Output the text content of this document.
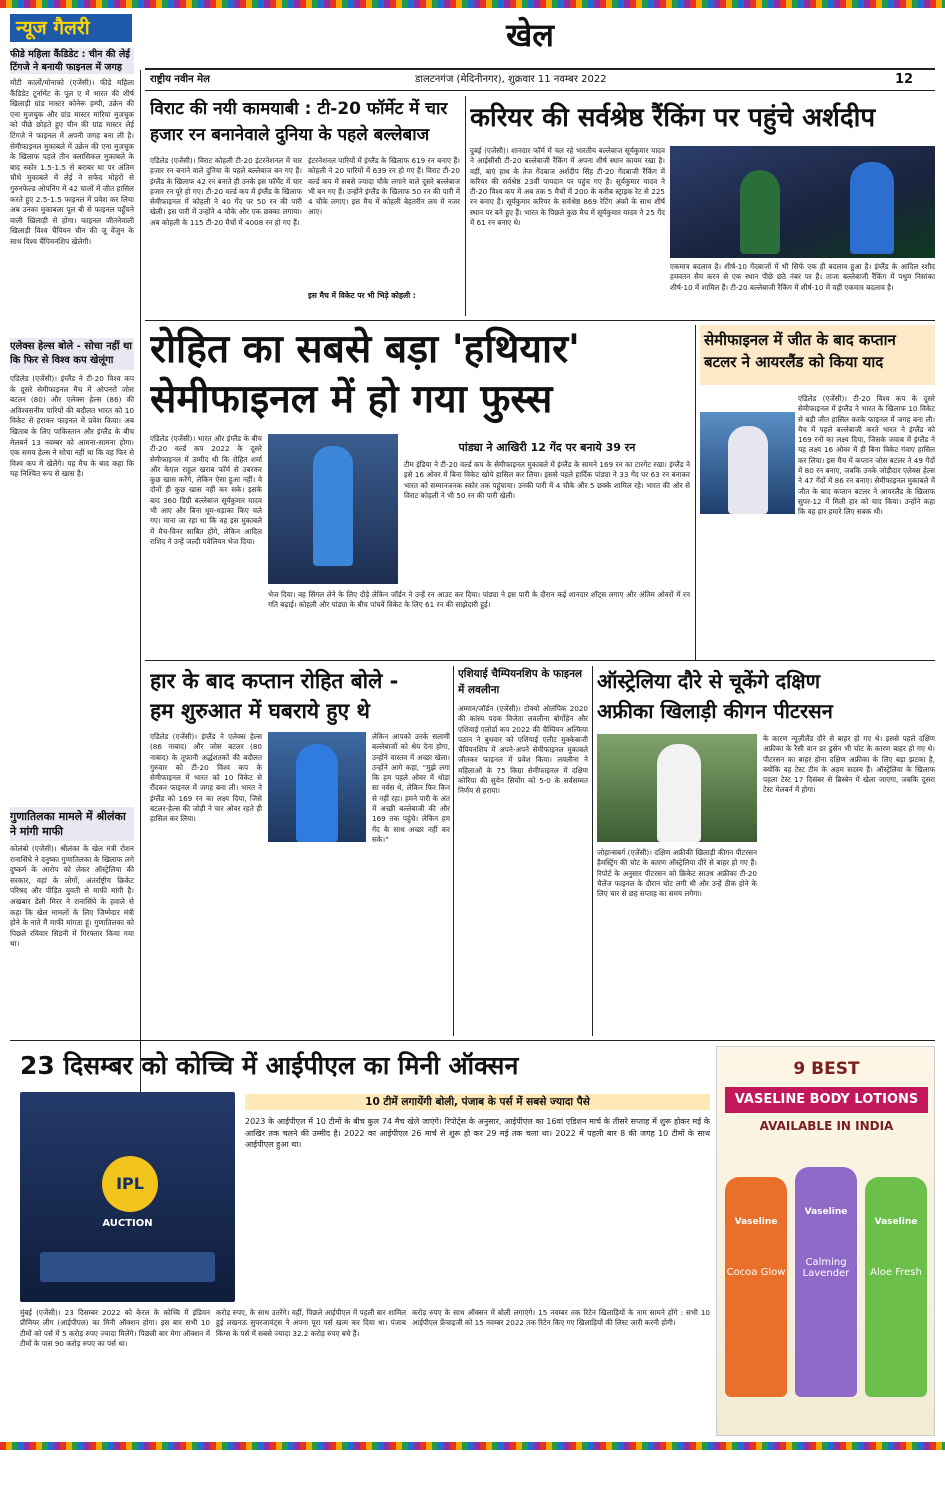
न्यूज गैलरी
फीडे महिला कैंडिडेट : चीन की लेई टिंगजे ने बनायी फाइनल में जगह
मोंटी कार्लो/मोनाको (एजेंसी)। फीडे महिला कैंडिडेट टूर्नामेंट के पूल ए में भारत की शीर्ष खिलाड़ी ग्रांड मास्टर कोनेरू हम्पी, उक्रेन की एना मुजचुक और ग्रांड मास्टर मारिया मुजचुक को पीछे छोड़ते हुए चीन की ग्रांड मास्टर लेई टिंगजे ने फाइनल में अपनी जगह बना ली है। सेमीफाइनल मुकाबले में उक्रेन की एना मुजचुक के खिलाफ पहले तीन क्लासिकल मुकाबले के बाद स्कोर 1.5-1.5 से बराबर था पर अंतिम चौथे मुकाबले में लेई ने सफेद मोहरों से गुरुनफेल्ड ओपनिंग में 42 चालों में जीत हासिल करते हुए 2.5-1.5 फाइनल में प्रवेश कर लिया अब उनका मुकाबला पूल बी से फाइनल पहुँचने वाली खिलाड़ी से होगा। फाइनल जीतनेवाली खिलाड़ी विश्व चैंपियन चीन की जू वेंजुन के साथ विश्व चैंपियनशिप खेलेगी।
एलेक्स हेल्स बोले - सोचा नहीं था कि फिर से विश्व कप खेलूंगा
एडिलेड (एजेंसी)। इंग्लैंड ने टी-20 विश्व कप के दूसरे सेमीफाइनल मैच में ओपनरों जोस बटलर (80) और एलेक्स हेल्स (86) की अविश्वसनीय पारियों की बदौलत भारत को 10 विकेट से हराकर फाइनल में प्रवेश किया। अब खिताब के लिए पाकिस्तान और इंग्लैंड के बीच मेलबर्न 13 नवम्बर को आमना-सामना होगा। एक समय हेल्स ने सोचा नहीं था कि वह फिर से विश्व कप में खेलेंगे। यह मैच के बाद कहा कि यह निश्चित रूप से खास है।
गुणातिलका मामले में श्रीलंका ने मांगी माफी
कोलंबो (एजेंसी)। श्रीलंका के खेल मंत्री रोशन रानासिंघे ने दनुष्का गुणातिलका के खिलाफ लगे दुष्कर्म के आरोप को लेकर ऑस्ट्रेलिया की सरकार, वहां के लोगों, अंतर्राष्ट्रीय क्रिकेट परिषद और पीड़ित युवती से माफी मांगी है। अखबार डेली मिरर ने रानासिंघे के हवाले से कहा कि खेल मामलों के लिए जिम्मेदार मंत्री होने के नाते मैं माफी मांगता हूं। गुणातिलका को पिछले रविवार सिडनी में गिरफ्तार किया गया था।
खेल
राष्ट्रीय नवीन मेल	डालटनगंज (मेदिनीनगर), शुक्रवार 11 नवम्बर 2022	12
विराट की नयी कामयाबी : टी-20 फॉर्मेट में चार हजार रन बनानेवाले दुनिया के पहले बल्लेबाज
एडिलेड (एजेंसी)। विराट कोहली टी-20 इंटरनेशनल में चार हजार रन बनाने वाले दुनिया के पहले बल्लेबाज बन गए हैं। इंग्लैंड के खिलाफ 42 रन बनाते ही उनके इस फॉर्मेट में चार हजार रन पूरे हो गए। टी-20 वर्ल्ड कप में इंग्लैंड के खिलाफ सेमीफाइनल में कोहली ने 40 गेंद पर 50 रन की पारी खेली। इस पारी में उन्होंने 4 चौके और एक छक्का लगाया। अब कोहली के 115 टी-20 मैचों में 4008 रन हो गए हैं।
इंटरनेशनल पारियों में इंग्लैंड के खिलाफ 619 रन बनाए हैं। कोहली ने 20 पारियों में 639 रन हो गए हैं। विराट टी-20 वर्ल्ड कप में सबसे ज्यादा चौके लगाने वाले दूसरे बल्लेबाज भी बन गए हैं। उन्होंने इंग्लैंड के खिलाफ 50 रन की पारी में 4 चौके लगाए। इस मैच में कोहली बेहतरीन लय में नजर आए।
इस मैच में विकेट पर भी भिड़े कोहली :
करियर की सर्वश्रेष्ठ रैंकिंग पर पहुंचे अर्शदीप
दुबई (एजेंसी)। शानदार फॉर्म में चल रहे भारतीय बल्लेबाज सूर्यकुमार यादव ने आईसीसी टी-20 बल्लेबाजी रैंकिंग में अपना शीर्ष स्थान कायम रखा है। वहीं, बाएं हाथ के तेज गेंदबाज अर्शदीप सिंह टी-20 गेंदबाजी रैंकिंग में करियर की सर्वश्रेष्ठ 23वीं पायदान पर पहुंच गए हैं। सूर्यकुमार यादव ने टी-20 विश्व कप में अब तक 5 मैचों में 200 के करीब स्ट्राइक रेट से 225 रन बनाए हैं। सूर्यकुमार करियर के सर्वश्रेष्ठ 869 रेटिंग अंकों के साथ शीर्ष स्थान पर बने हुए हैं। भारत के पिछले कुछ मैच में सूर्यकुमार यादव ने 25 गेंद में 61 रन बनाए थे।
एकमात्र बदलाव है। शीर्ष-10 गेंदबाजों में भी सिर्फ एक ही बदलाव हुआ है। इंग्लैंड के आदिल रशीद हमवतन सैम करन से एक स्थान पीछे छठे नंबर पर हैं। ताजा बल्लेबाजी रैंकिंग में पथुम निसांका शीर्ष-10 में शामिल हैं। टी-20 बल्लेबाजी रैंकिंग में शीर्ष-10 में वहीं एकमात्र बदलाव है।
रोहित का सबसे बड़ा 'हथियार'
सेमीफाइनल में हो गया फुस्स
एडिलेड (एजेंसी)। भारत और इंग्लैंड के बीच टी-20 वर्ल्ड कप 2022 के दूसरे सेमीफाइनल में उम्मीद थी कि रोहित शर्मा और केएल राहुल खराब फॉर्म से उबरकर कुछ खास करेंगे, लेकिन ऐसा हुआ नहीं। वे दोनों ही कुछ खास नहीं कर सके। इसके बाद 360 डिग्री बल्लेबाज सूर्यकुमार यादव भी आए और बिना धूम-धड़ाका किए चले गए। माना जा रहा था कि वह इस मुकाबले में मैच-विनर साबित होंगे, लेकिन आदिल राशिद ने उन्हें जल्दी पवेलियन भेज दिया।
पांड्या ने आखिरी 12 गेंद पर बनाये 39 रन
टीम इंडिया ने टी-20 वर्ल्ड कप के सेमीफाइनल मुकाबले में इंग्लैंड के सामने 169 रन का टारगेट रखा। इंग्लैंड ने इसे 16 ओवर में बिना विकेट खोये हासिल कर लिया। इससे पहले हार्दिक पांड्या ने 33 गेंद पर 63 रन बनाकर भारत को सम्मानजनक स्कोर तक पहुंचाया। उनकी पारी में 4 चौके और 5 छक्के शामिल रहे। भारत की ओर से विराट कोहली ने भी 50 रन की पारी खेली।
भेज दिया। वह सिंगल लेने के लिए दौड़े लेकिन जॉर्डन ने उन्हें रन आउट कर दिया। पांड्या ने इस पारी के दौरान कई शानदार शॉट्स लगाए और अंतिम ओवरों में रन गति बढ़ाई। कोहली और पांड्या के बीच पांचवें विकेट के लिए 61 रन की साझेदारी हुई।
सेमीफाइनल में जीत के बाद कप्तान बटलर ने आयरलैंड को किया याद
एडिलेड (एजेंसी)। टी-20 विश्व कप के दूसरे सेमीफाइनल में इंग्लैंड ने भारत के खिलाफ 10 विकेट से बड़ी जीत हासिल करके फाइनल में जगह बना ली। मैच में पहले बल्लेबाजी करते भारत ने इंग्लैंड को 169 रनों का लक्ष्य दिया, जिसके जवाब में इंग्लैंड ने यह लक्ष्य 16 ओवर में ही बिना विकेट गंवाए हासिल कर लिया। इस मैच में कप्तान जोस बटलर ने 49 गेंदों में 80 रन बनाए, जबकि उनके जोड़ीदार एलेक्स हेल्स ने 47 गेंदों में 86 रन बनाए। सेमीफाइनल मुकाबले में जीत के बाद कप्तान बटलर ने आयरलैंड के खिलाफ सुपर-12 में मिली हार को याद किया। उन्होंने कहा कि वह हार हमारे लिए सबक थी।
हार के बाद कप्तान रोहित बोले -
हम शुरुआत में घबराये हुए थे
एडिलेड (एजेंसी)। इंग्लैंड ने एलेक्स हेल्स (86 नाबाद) और जोस बटलर (80 नाबाद) के तूफानी अर्द्धशतकों की बदौलत गुरुवार को टी-20 विश्व कप के सेमीफाइनल में भारत को 10 विकेट से रौंदकर फाइनल में जगह बना ली। भारत ने इंग्लैंड को 169 रन का लक्ष्य दिया, जिसे बटलर-हेल्स की जोड़ी ने चार ओवर रहते ही हासिल कर लिया।
लेकिन आपको उनके सलामी बल्लेबाजों को श्रेय देना होगा, उन्होंने वास्तव में अच्छा खेला। उन्होंने आगे कहा, “मुझे लगा कि हम पहले ओवर में थोड़ा सा नर्वस थे, लेकिन फिर किन से नहीं रहा। हमने पारी के अंत में अच्छी बल्लेबाजी की और 169 तक पहुंचे। लेकिन हम गेंद के साथ अच्छा नहीं कर सके।”
एशियाई चैम्पियनशिप के फाइनल में लवलीना
अम्मान/जॉर्डन (एजेंसी)। टोक्यो ओलंपिक 2020 की कांस्य पदक विजेता लवलीना बोर्गोहेन और एशियाई एलोर्डा कप 2022 की चैम्पियन अल्फिया पठान ने बुधवार को एशियाई एलीट मुक्केबाजी चैंपियनशिप में अपने-अपने सेमीफाइनल मुकाबले जीतकर फाइनल में प्रवेश किया। लवलीना ने महिलाओं के 75 किग्रा सेमीफाइनल में दक्षिण कोरिया की सुयेन सियोंग को 5-0 के सर्वसम्मत निर्णय से हराया।
ऑस्ट्रेलिया दौरे से चूकेंगे दक्षिण
अफ्रीका खिलाड़ी कीगन पीटरसन
जोहान्सबर्ग (एजेंसी)। दक्षिण अफ्रीकी खिलाड़ी कीगन पीटरसन हैमस्ट्रिंग की चोट के कारण ऑस्ट्रेलिया दौरे से बाहर हो गए हैं। रिपोर्ट के अनुसार पीटरसन को क्रिकेट साउथ अफ्रीका टी-20 चैलेंज फाइनल के दौरान चोट लगी थी और उन्हें ठीक होने के लिए चार से छह सप्ताह का समय लगेगा।
के कारण न्यूज़ीलैंड दौरे से बाहर हो गए थे। इससे पहले दक्षिण अफ्रीका के रैसी वान डर डुसेन भी चोट के कारण बाहर हो गए थे। पीटरसन का बाहर होना दक्षिण अफ्रीका के लिए बड़ा झटका है, क्योंकि वह टेस्ट टीम के अहम सदस्य हैं। ऑस्ट्रेलिया के खिलाफ पहला टेस्ट 17 दिसंबर से ब्रिस्बेन में खेला जाएगा, जबकि दूसरा टेस्ट मेलबर्न में होगा।
23 दिसम्बर को कोच्चि में आईपीएल का मिनी ऑक्सन
IPL
AUCTION
10 टीमें लगायेंगी बोली, पंजाब के पर्स में सबसे ज्यादा पैसे
2023 के आईपीएल में 10 टीमों के बीच कुल 74 मैच खेले जाएंगे। रिपोर्ट्स के अनुसार, आईपीएल का 16वां एडिशन मार्च के तीसरे सप्ताह में शुरू होकर मई के आखिर तक चलने की उम्मीद है। 2022 का आईपीएल 26 मार्च से शुरू हो कर 29 मई तक चला था। 2022 में पहली बार 8 की जगह 10 टीमों के साथ आईपीएल हुआ था।
मुंबई (एजेंसी)। 23 दिसम्बर 2022 को केरल के कोच्चि में इंडियन प्रीमियर लीग (आईपीएल) का मिनी ऑक्शन होगा। इस बार सभी 10 टीमों को पर्स में 5 करोड़ रुपए ज्यादा मिलेंगे। पिछली बार मेगा ऑक्शन में टीमों के पास 90 करोड़ रुपए का पर्स था।
करोड़ रुपए, के साथ उतरेंगे। वहीं, पिछले आईपीएल में पहली बार शामिल हुई लखनऊ सुपरजायंट्स ने अपना पूरा पर्स खत्म कर दिया था। पंजाब किंग्स के पर्स में सबसे ज्यादा 32.2 करोड़ रुपए बचे हैं।
करोड़ रुपए के साथ ऑक्सन में बोली लगाएंगे। 15 नवम्बर तक रिटेन खिलाड़ियों के नाम सामने होंगे : सभी 10 आईपीएल फ्रेंचाइजी को 15 नवम्बर 2022 तक रिटेन किए गए खिलाड़ियों की लिस्ट जारी करनी होगी।
9 BEST
VASELINE BODY LOTIONS
AVAILABLE IN INDIA
Vaseline
Cocoa Glow
Vaseline
Calming Lavender
Vaseline
Aloe Fresh
